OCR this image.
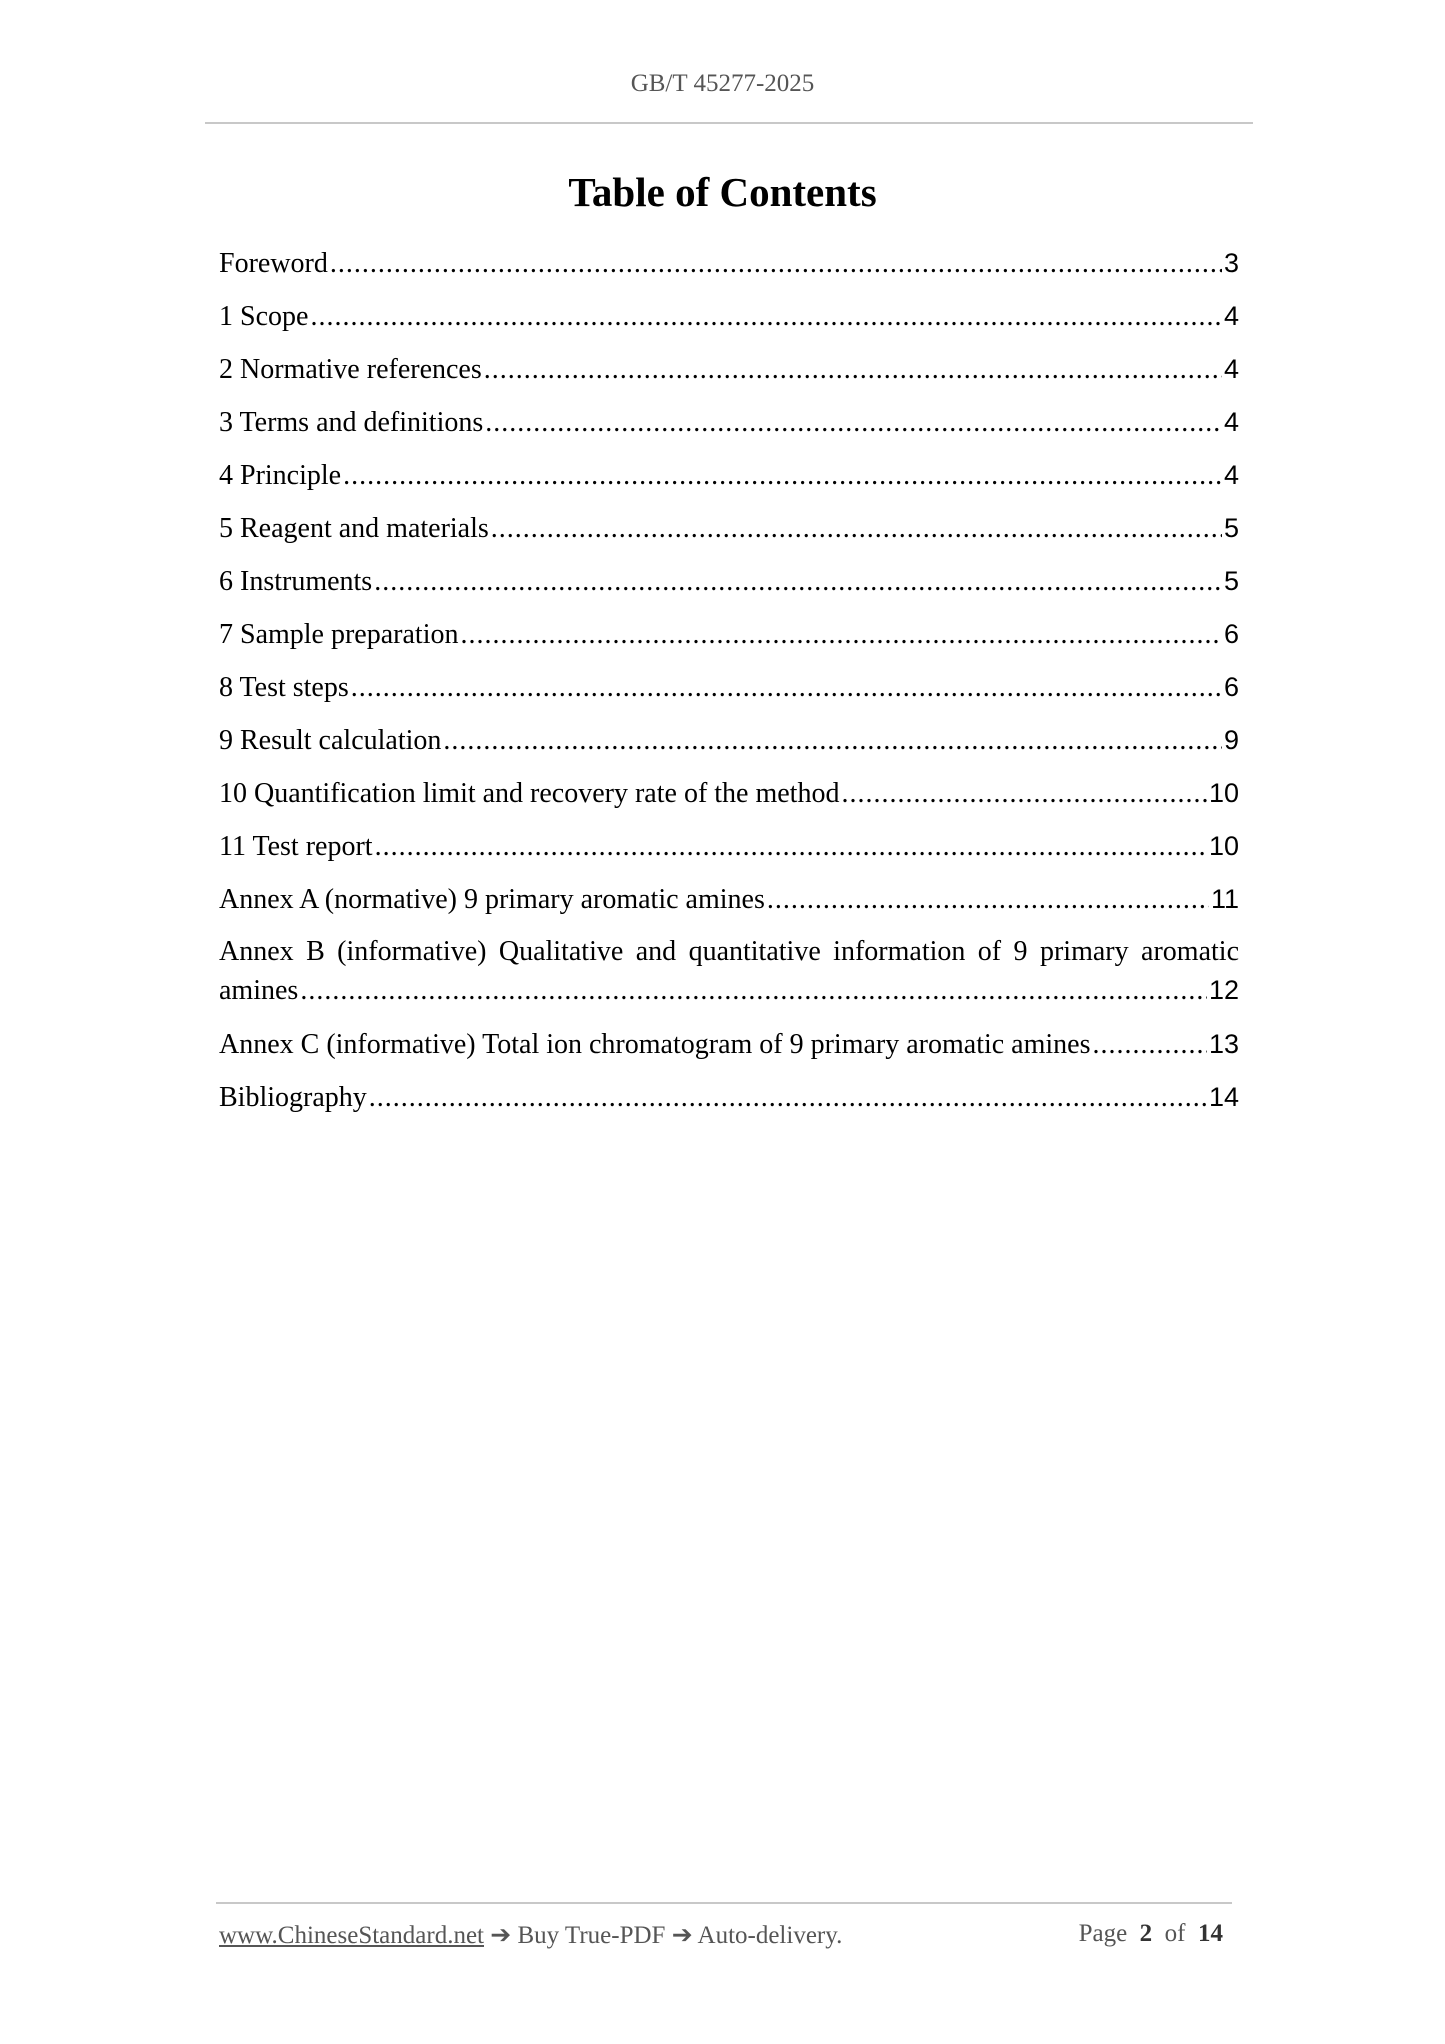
GB/T 45277-2025
Table of Contents
Foreword .....	3
1 Scope .....	4
2 Normative references .....	4
3 Terms and definitions .....	4
4 Principle .....	4
5 Reagent and materials .....	5
6 Instruments .....	5
7 Sample preparation .....	6
8 Test steps .....	6
9 Result calculation .....	9
10 Quantification limit and recovery rate of the method .....	10
11 Test report .....	10
Annex A (normative) 9 primary aromatic amines .....	11
Annex B (informative) Qualitative and quantitative information of 9 primary aromatic
amines .....	12
Annex C (informative) Total ion chromatogram of 9 primary aromatic amines .....	13
Bibliography .....	14
www.ChineseStandard.net ➔ Buy True-PDF ➔ Auto-delivery.	Page 2 of 14
